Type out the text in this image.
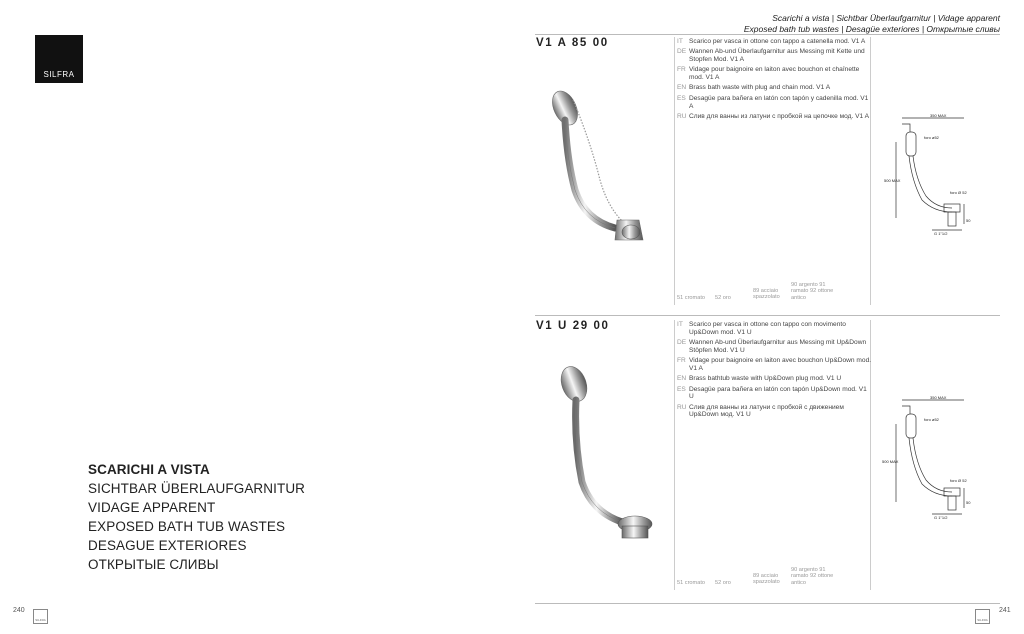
SILFRA
SCARICHI A VISTA
SICHTBAR ÜBERLAUFGARNITUR
VIDAGE APPARENT
EXPOSED BATH TUB WASTES
DESAGUE EXTERIORES
ОТКРЫТЫЕ СЛИВЫ
240
SILFRA
Scarichi a vista | Sichtbar Überlaufgarnitur | Vidage apparent
Exposed bath tub wastes | Desagüe exteriores | Открытые сливы
V1 A 85 00	IT Scarico per vasca in ottone con tappo a catenella mod. V1 A
DE Wannen Ab-und Überlaufgarnitur aus Messing mit Kette und Stopfen Mod. V1 A
FR Vidage pour baignoire en laiton avec bouchon et chaînette mod. V1 A
EN Brass bath waste with plug and chain mod. V1 A
ES Desagüe para bañera en latón con tapón y cadenilla mod. V1 A
RU Слив для ванны из латуни с пробкой на цепочке мод. V1 A	350 MAX
foro ø52
500 MAX
foro Ø 52
50
G 1"1/2
51 cromato 52 oro
89 acciaio spazzolato
90 argento 91 ramato 92 ottone antico
V1 U 29 00	IT Scarico per vasca in ottone con tappo con movimento Up&Down mod. V1 U
DE Wannen Ab-und Überlaufgarnitur aus Messing mit Up&Down Stöpfen Mod. V1 U
FR Vidage pour baignoire en laiton avec bouchon Up&Down mod. V1 A
EN Brass bathtub waste with Up&Down plug mod. V1 U
ES Desagüe para bañera en latón con tapón Up&Down mod. V1 U
RU Слив для ванны из латуни с пробкой с движением Up&Down мод. V1 U
350 MAX
foro ø52
500 MAX
foro Ø 52
50
G 1"1/2
51 cromato 52 oro
89 acciaio spazzolato
90 argento 91 ramato 92 ottone antico
SILFRA
241
